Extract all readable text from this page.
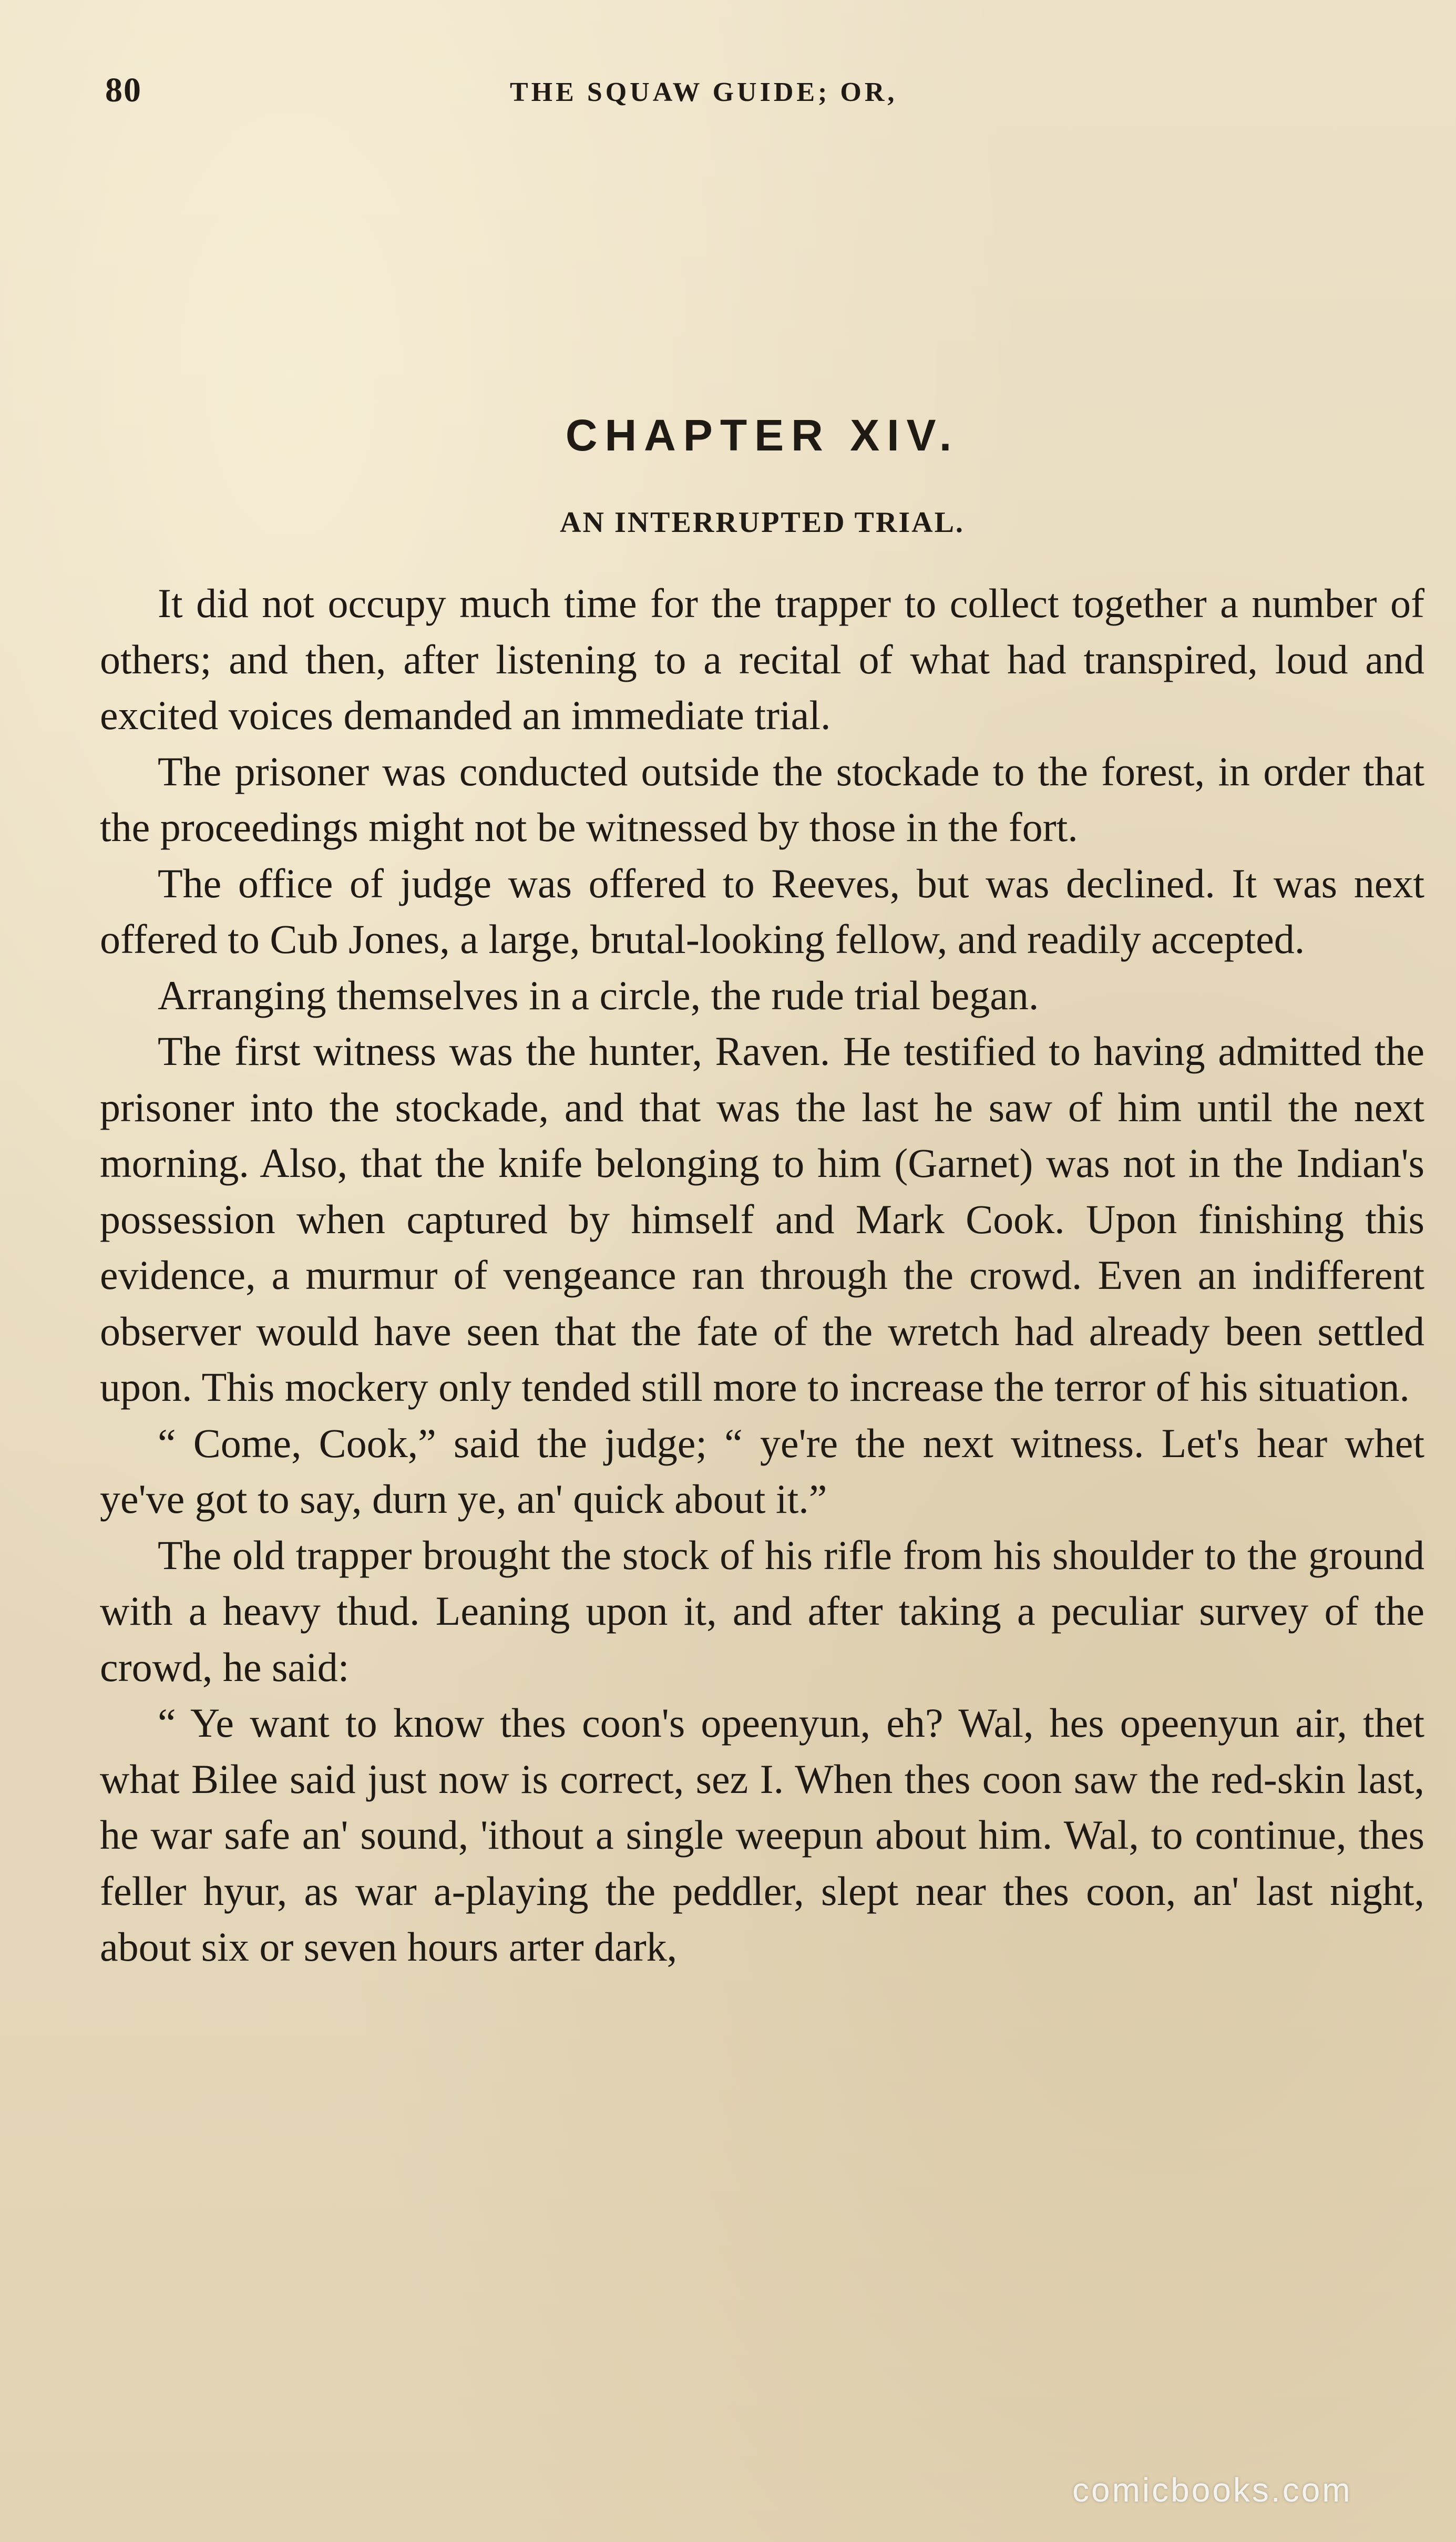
80	THE SQUAW GUIDE; OR,
CHAPTER XIV.
AN INTERRUPTED TRIAL.

It did not occupy much time for the trapper to collect together a number of others; and then, after listening to a recital of what had transpired, loud and excited voices demanded an immediate trial.

The prisoner was conducted outside the stockade to the forest, in order that the proceedings might not be witnessed by those in the fort.

The office of judge was offered to Reeves, but was declined. It was next offered to Cub Jones, a large, brutal-looking fellow, and readily accepted.

Arranging themselves in a circle, the rude trial began.

The first witness was the hunter, Raven. He testified to having admitted the prisoner into the stockade, and that was the last he saw of him until the next morning. Also, that the knife belonging to him (Garnet) was not in the Indian's possession when captured by himself and Mark Cook. Upon finishing this evidence, a murmur of vengeance ran through the crowd. Even an indifferent observer would have seen that the fate of the wretch had already been settled upon. This mockery only tended still more to increase the terror of his situation.

“ Come, Cook,” said the judge; “ ye're the next witness. Let's hear whet ye've got to say, durn ye, an' quick about it.”

The old trapper brought the stock of his rifle from his shoulder to the ground with a heavy thud. Leaning upon it, and after taking a peculiar survey of the crowd, he said:

“ Ye want to know thes coon's opeenyun, eh? Wal, hes opeenyun air, thet what Bilee said just now is correct, sez I. When thes coon saw the red-skin last, he war safe an' sound, 'ithout a single weepun about him. Wal, to continue, thes feller hyur, as war a-playing the peddler, slept near thes coon, an' last night, about six or seven hours arter dark,

comicbooks.com
